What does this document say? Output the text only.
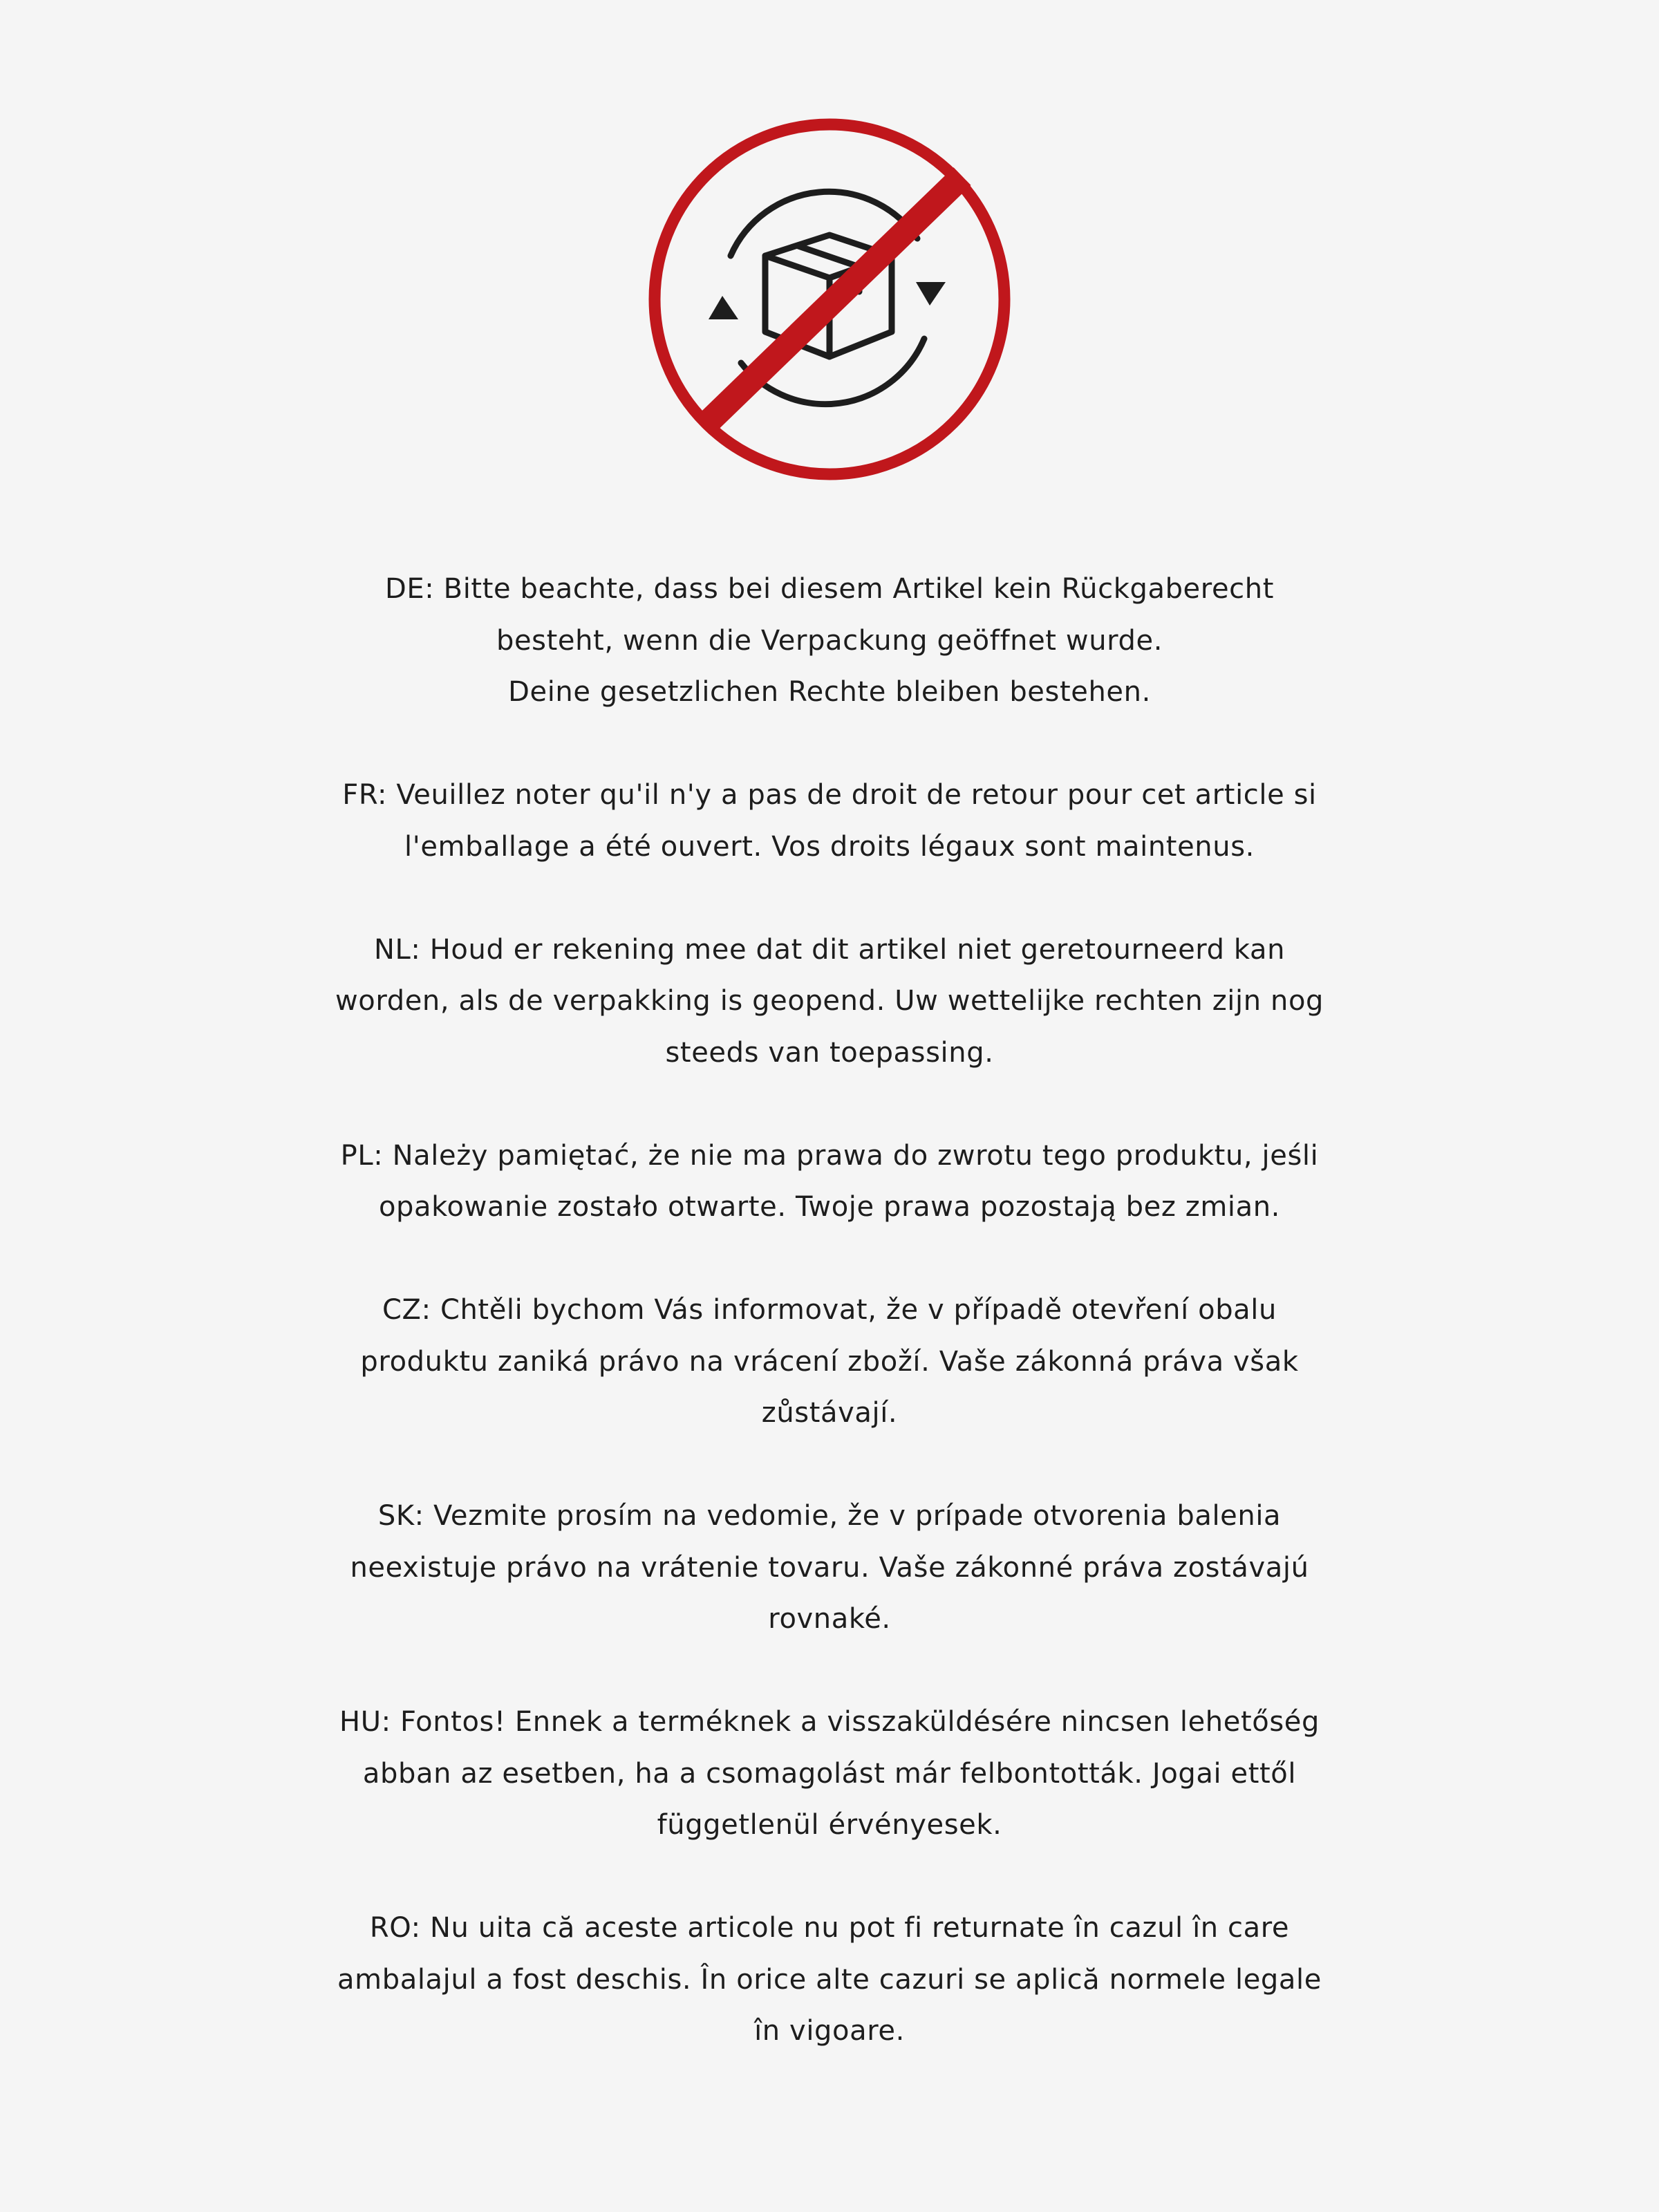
DE: Bitte beachte, dass bei diesem Artikel kein Rückgaberecht
besteht, wenn die Verpackung geöffnet wurde.
Deine gesetzlichen Rechte bleiben bestehen.

FR: Veuillez noter qu'il n'y a pas de droit de retour pour cet article si
l'emballage a été ouvert. Vos droits légaux sont maintenus.

NL: Houd er rekening mee dat dit artikel niet geretourneerd kan
worden, als de verpakking is geopend. Uw wettelijke rechten zijn nog
steeds van toepassing.

PL: Należy pamiętać, że nie ma prawa do zwrotu tego produktu, jeśli
opakowanie zostało otwarte. Twoje prawa pozostają bez zmian.

CZ: Chtěli bychom Vás informovat, že v případě otevření obalu
produktu zaniká právo na vrácení zboží. Vaše zákonná práva však
zůstávají.

SK: Vezmite prosím na vedomie, že v prípade otvorenia balenia
neexistuje právo na vrátenie tovaru. Vaše zákonné práva zostávajú
rovnaké.

HU: Fontos! Ennek a terméknek a visszaküldésére nincsen lehetőség
abban az esetben, ha a csomagolást már felbontották. Jogai ettől
függetlenül érvényesek.

RO: Nu uita că aceste articole nu pot fi returnate în cazul în care
ambalajul a fost deschis. În orice alte cazuri se aplică normele legale
în vigoare.
